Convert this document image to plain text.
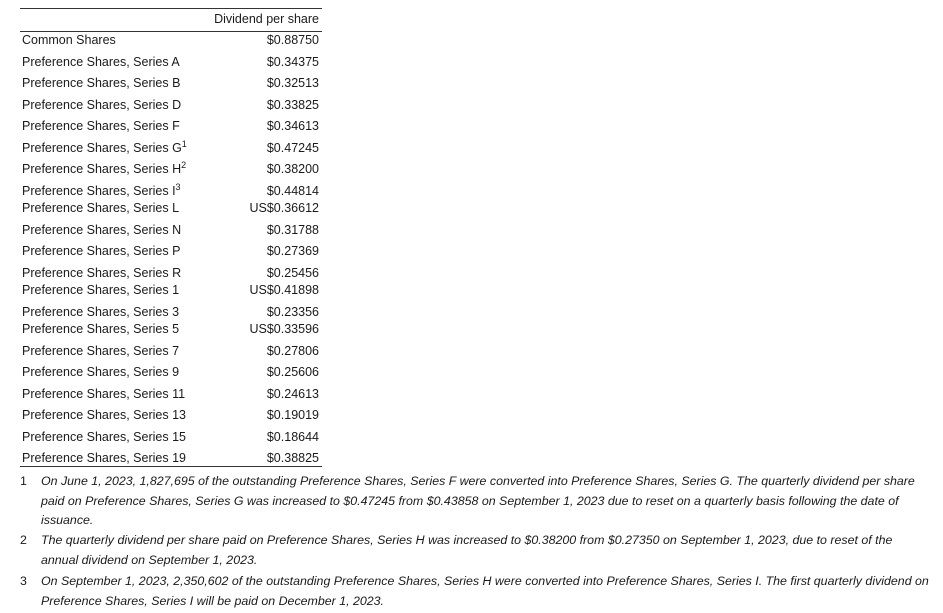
Dividend per share
Common Shares	$0.88750
Preference Shares, Series A	$0.34375
Preference Shares, Series B	$0.32513
Preference Shares, Series D	$0.33825
Preference Shares, Series F	$0.34613
Preference Shares, Series $G^1$	$0.47245
Preference Shares, Series $H^2$	$0.38200
Preference Shares, Series $I^3$	$0.44814
Preference Shares, Series L	US$0.36612
Preference Shares, Series N	$0.31788
Preference Shares, Series P	$0.27369
Preference Shares, Series R	$0.25456
Preference Shares, Series 1	US$0.41898
Preference Shares, Series 3	$0.23356
Preference Shares, Series 5	US$0.33596
Preference Shares, Series 7	$0.27806
Preference Shares, Series 9	$0.25606
Preference Shares, Series 11	$0.24613
Preference Shares, Series 13	$0.19019
Preference Shares, Series 15	$0.18644
Preference Shares, Series 19	$0.38825
1 On June 1, 2023, 1,827,695 of the outstanding Preference Shares, Series F were converted into Preference Shares, Series G. The quarterly dividend per share paid on Preference Shares, Series G was increased to $0.47245 from $0.43858 on September 1, 2023 due to reset on a quarterly basis following the date of issuance.
2 The quarterly dividend per share paid on Preference Shares, Series H was increased to $0.38200 from $0.27350 on September 1, 2023, due to reset of the annual dividend on September 1, 2023.
3 On September 1, 2023, 2,350,602 of the outstanding Preference Shares, Series H were converted into Preference Shares, Series I. The first quarterly dividend on Preference Shares, Series I will be paid on December 1, 2023.
